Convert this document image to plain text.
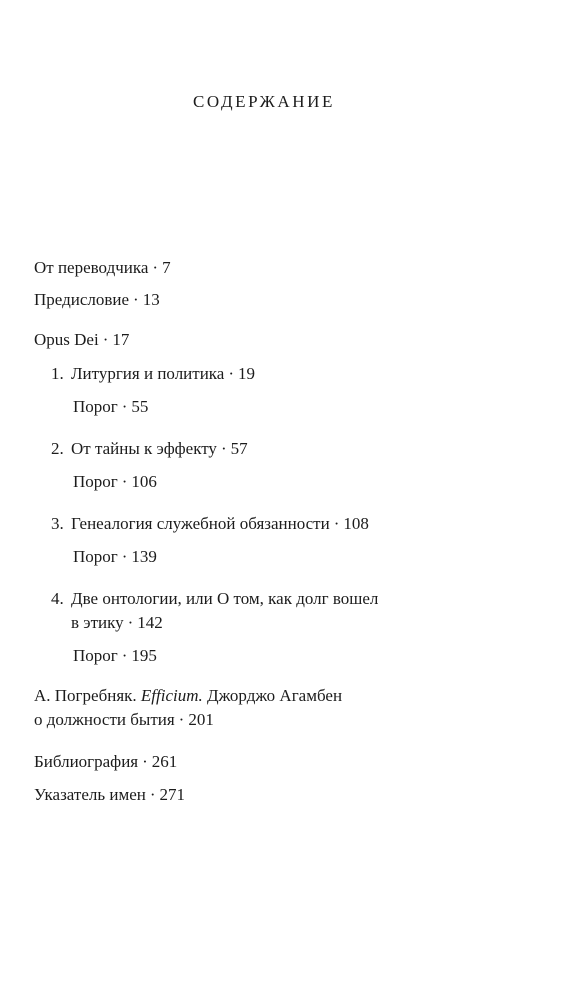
СОДЕРЖАНИЕ
От переводчика · 7
Предисловие · 13
Opus Dei · 17
1. Литургия и политика · 19
Порог · 55
2. От тайны к эффекту · 57
Порог · 106
3. Генеалогия служебной обязанности · 108
Порог · 139
4. Две онтологии, или О том, как долг вошел
в этику · 142
Порог · 195
А. Погребняк. Efficium. Джорджо Агамбен
о должности бытия · 201
Библиография · 261
Указатель имен · 271
